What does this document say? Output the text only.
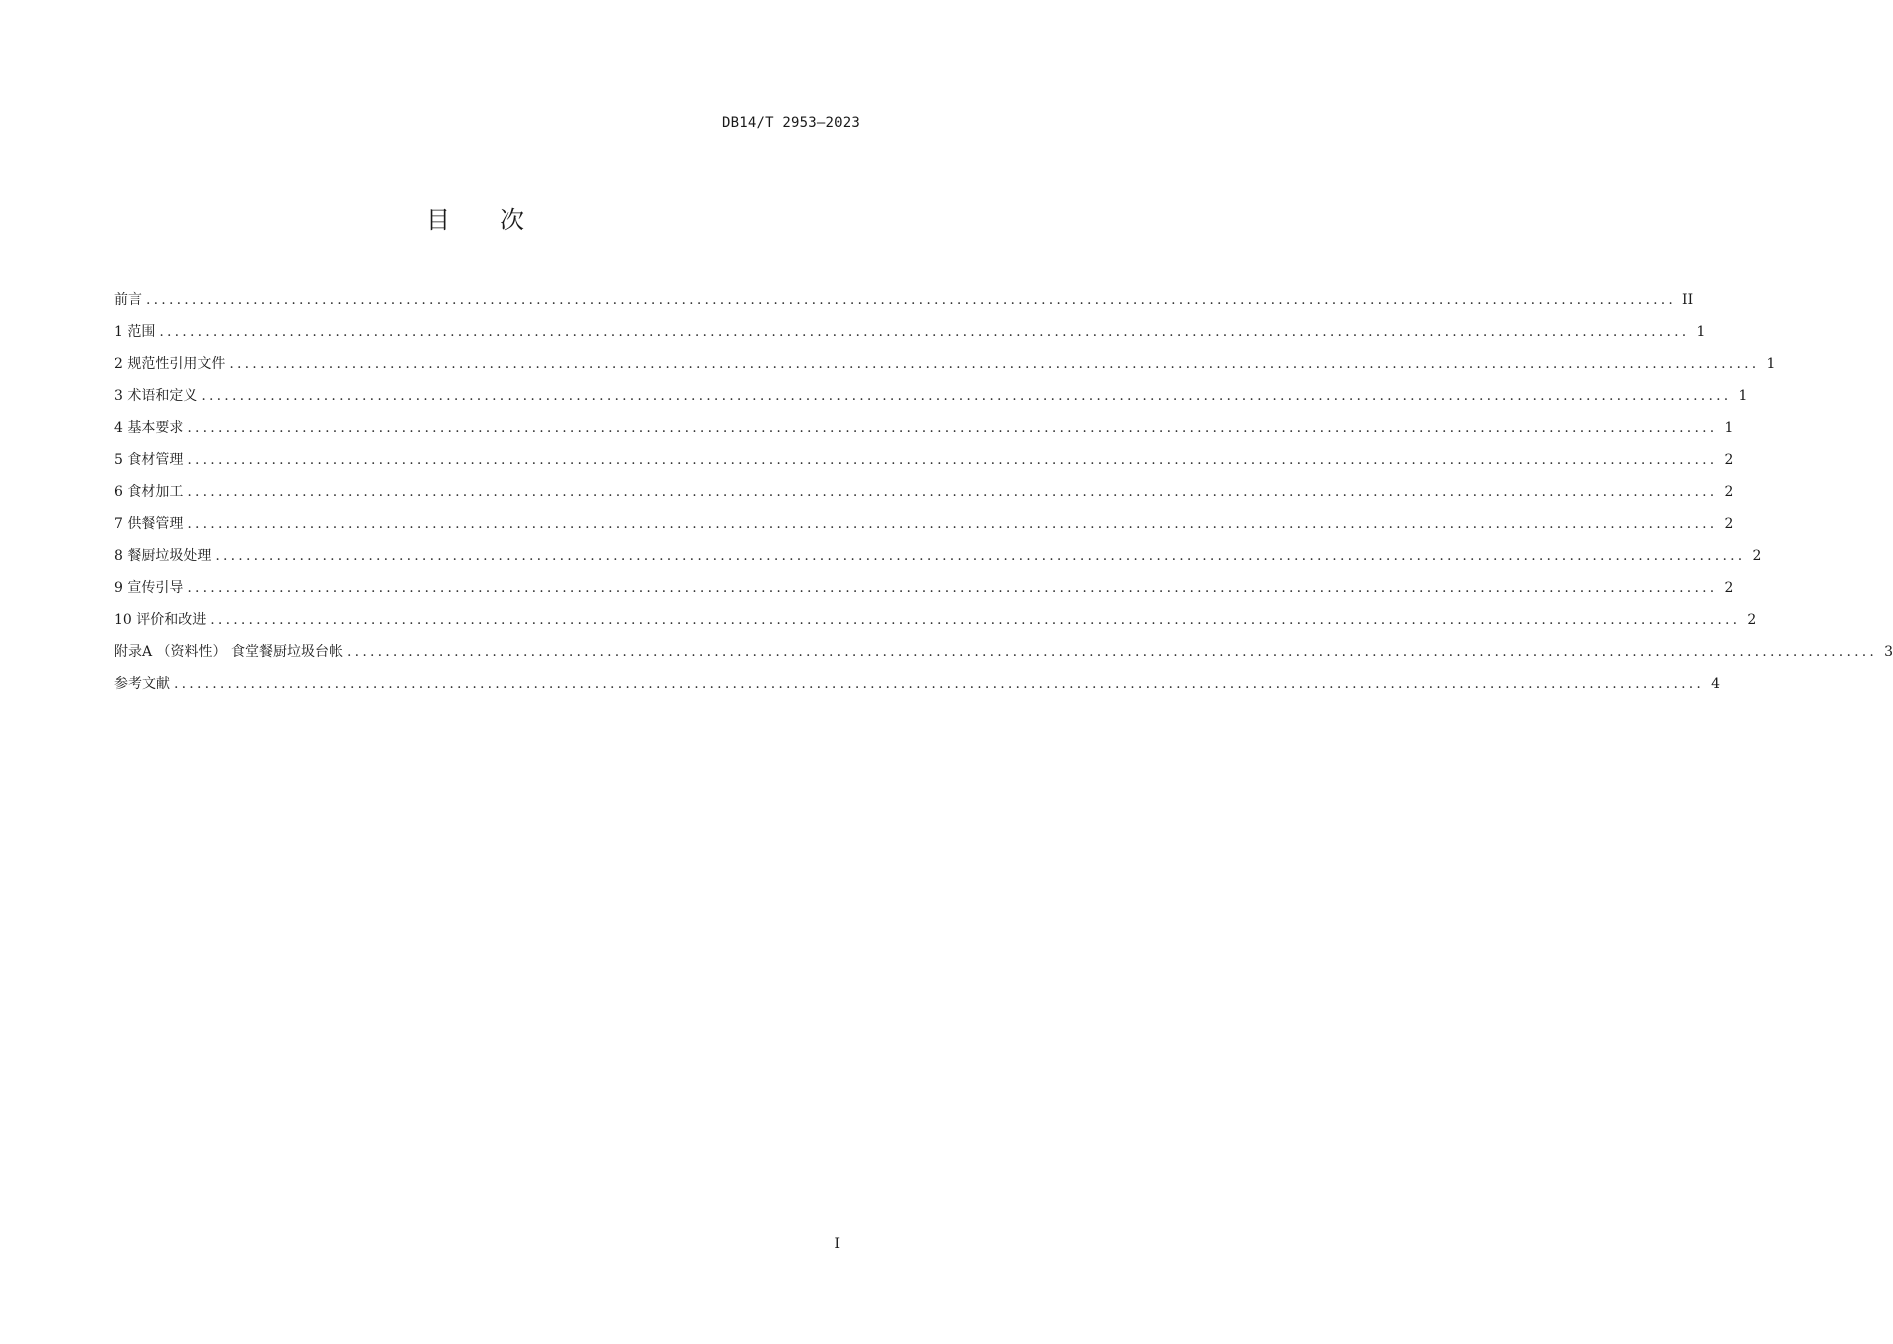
DB14/T 2953—2023
目 次
前言 ........................................................................................................................................................................................................ II
1 范围 ........................................................................................................................................................................................................ 1
2 规范性引用文件 ........................................................................................................................................................................................................ 1
3 术语和定义 ........................................................................................................................................................................................................ 1
4 基本要求 ........................................................................................................................................................................................................ 1
5 食材管理 ........................................................................................................................................................................................................ 2
6 食材加工 ........................................................................................................................................................................................................ 2
7 供餐管理 ........................................................................................................................................................................................................ 2
8 餐厨垃圾处理 ........................................................................................................................................................................................................ 2
9 宣传引导 ........................................................................................................................................................................................................ 2
10 评价和改进 ........................................................................................................................................................................................................ 2
附录A （资料性） 食堂餐厨垃圾台帐 ........................................................................................................................................................................................................ 3
参考文献 ........................................................................................................................................................................................................ 4
I
